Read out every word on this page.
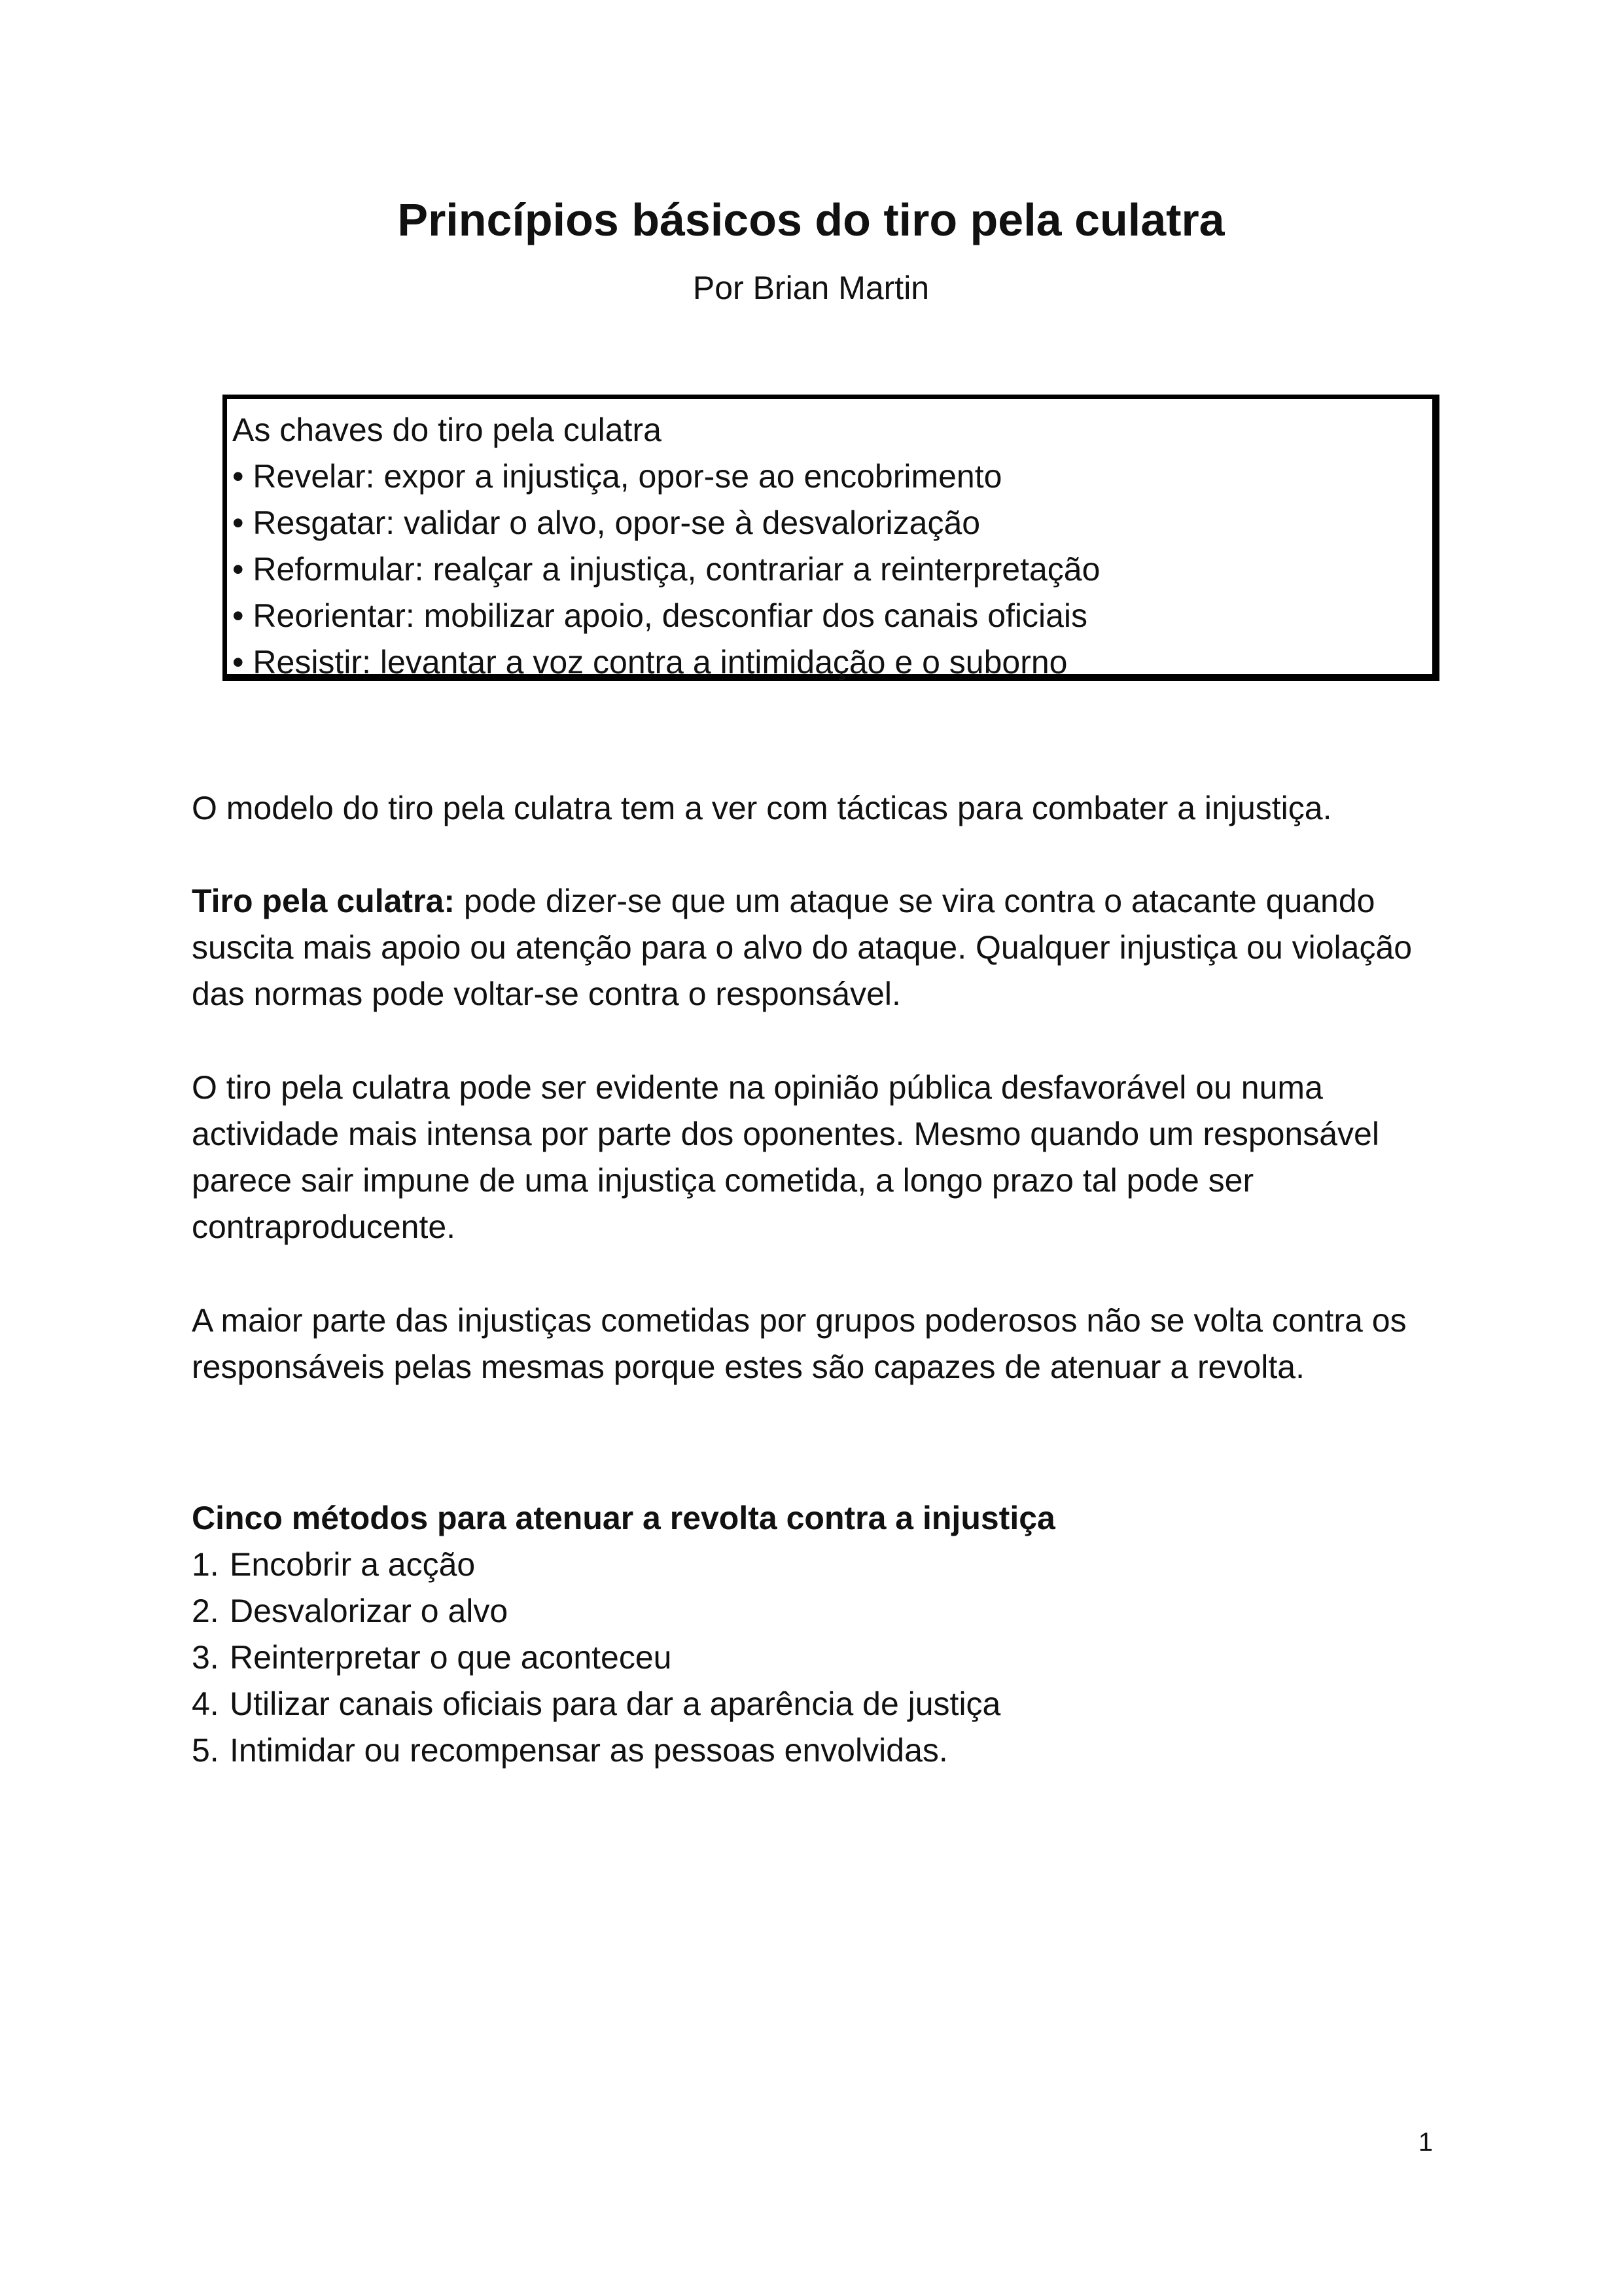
Princípios básicos do tiro pela culatra
Por Brian Martin
As chaves do tiro pela culatra
• Revelar: expor a injustiça, opor-se ao encobrimento
• Resgatar: validar o alvo, opor-se à desvalorização
• Reformular: realçar a injustiça, contrariar a reinterpretação
• Reorientar: mobilizar apoio, desconfiar dos canais oficiais
• Resistir: levantar a voz contra a intimidação e o suborno

O modelo do tiro pela culatra tem a ver com tácticas para combater a injustiça.

Tiro pela culatra: pode dizer-se que um ataque se vira contra o atacante quando suscita mais apoio ou atenção para o alvo do ataque. Qualquer injustiça ou violação das normas pode voltar-se contra o responsável.

O tiro pela culatra pode ser evidente na opinião pública desfavorável ou numa actividade mais intensa por parte dos oponentes. Mesmo quando um responsável parece sair impune de uma injustiça cometida, a longo prazo tal pode ser contraproducente.

A maior parte das injustiças cometidas por grupos poderosos não se volta contra os responsáveis pelas mesmas porque estes são capazes de atenuar a revolta.

Cinco métodos para atenuar a revolta contra a injustiça
1. Encobrir a acção
2. Desvalorizar o alvo
3. Reinterpretar o que aconteceu
4. Utilizar canais oficiais para dar a aparência de justiça
5. Intimidar ou recompensar as pessoas envolvidas.
1
